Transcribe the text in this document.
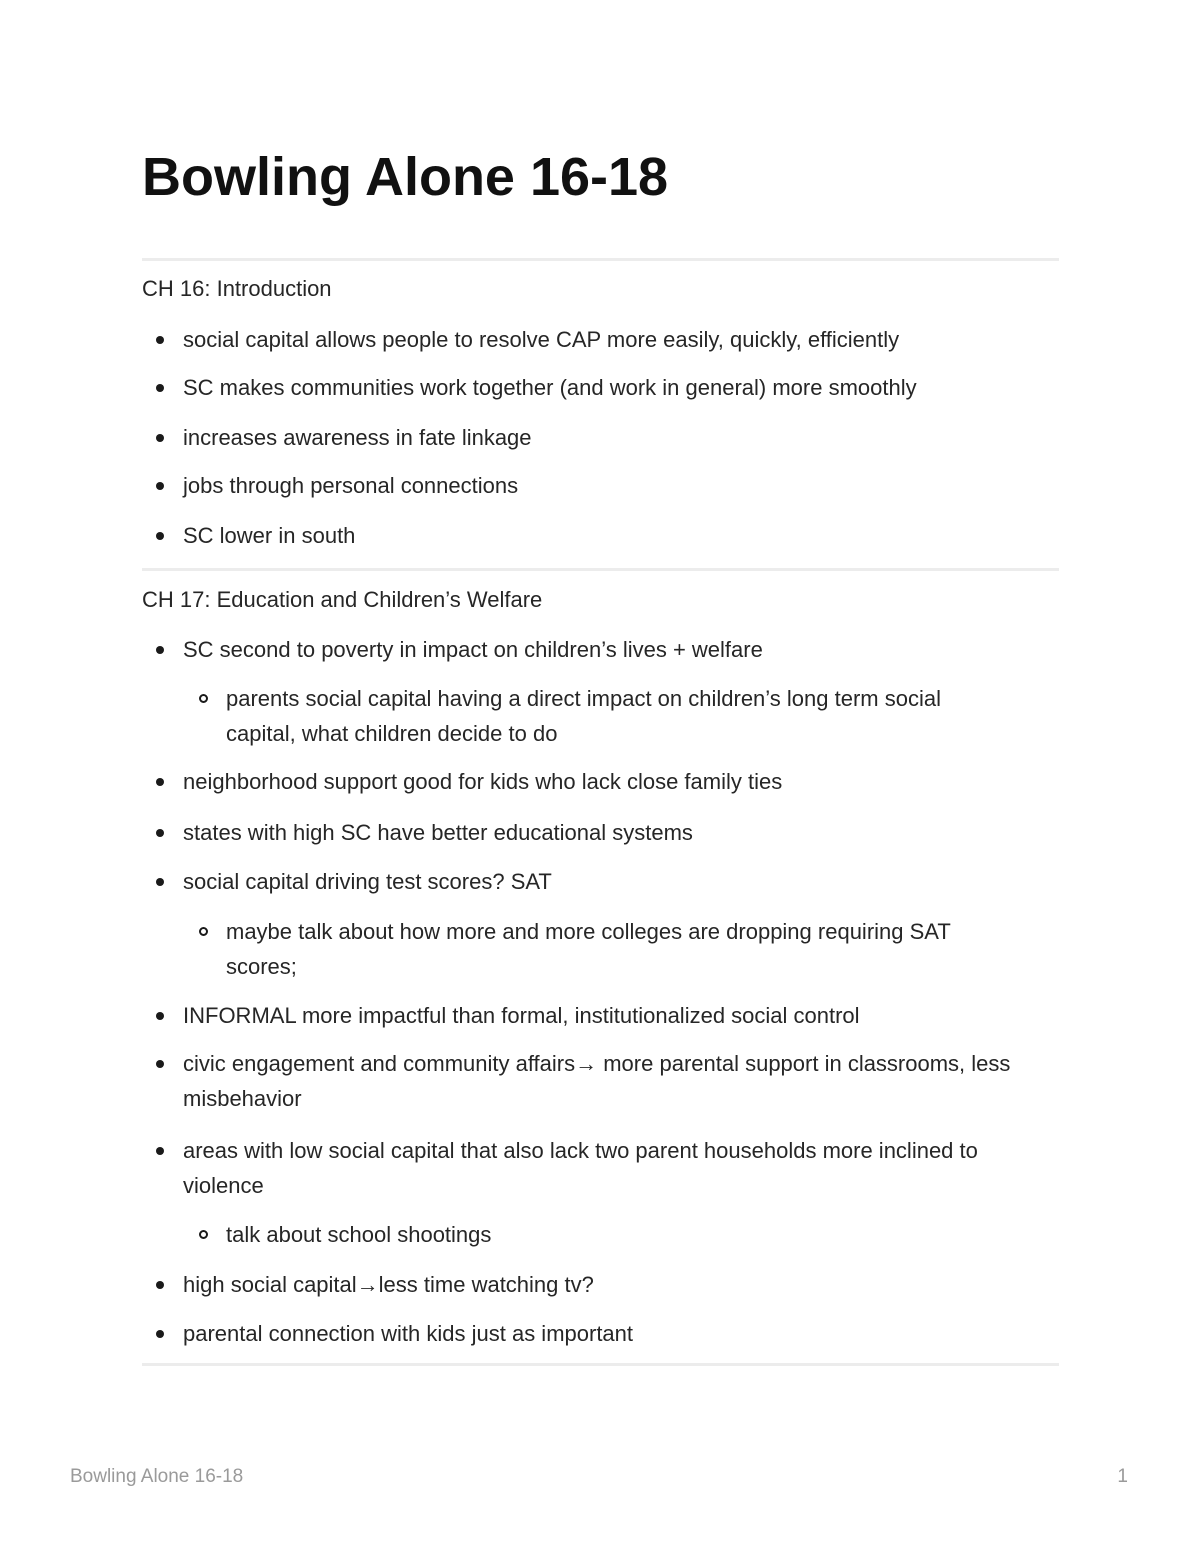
Bowling Alone 16-18

CH 16: Introduction

social capital allows people to resolve CAP more easily, quickly, efficiently
SC makes communities work together (and work in general) more smoothly
increases awareness in fate linkage
jobs through personal connections
SC lower in south

CH 17: Education and Children’s Welfare

SC second to poverty in impact on children’s lives + welfare
parents social capital having a direct impact on children’s long term social capital, what children decide to do
neighborhood support good for kids who lack close family ties
states with high SC have better educational systems
social capital driving test scores? SAT
maybe talk about how more and more colleges are dropping requiring SAT scores;
INFORMAL more impactful than formal, institutionalized social control
civic engagement and community affairs→ more parental support in classrooms, less misbehavior
areas with low social capital that also lack two parent households more inclined to violence
talk about school shootings
high social capital→less time watching tv?
parental connection with kids just as important
Bowling Alone 16-18	1
